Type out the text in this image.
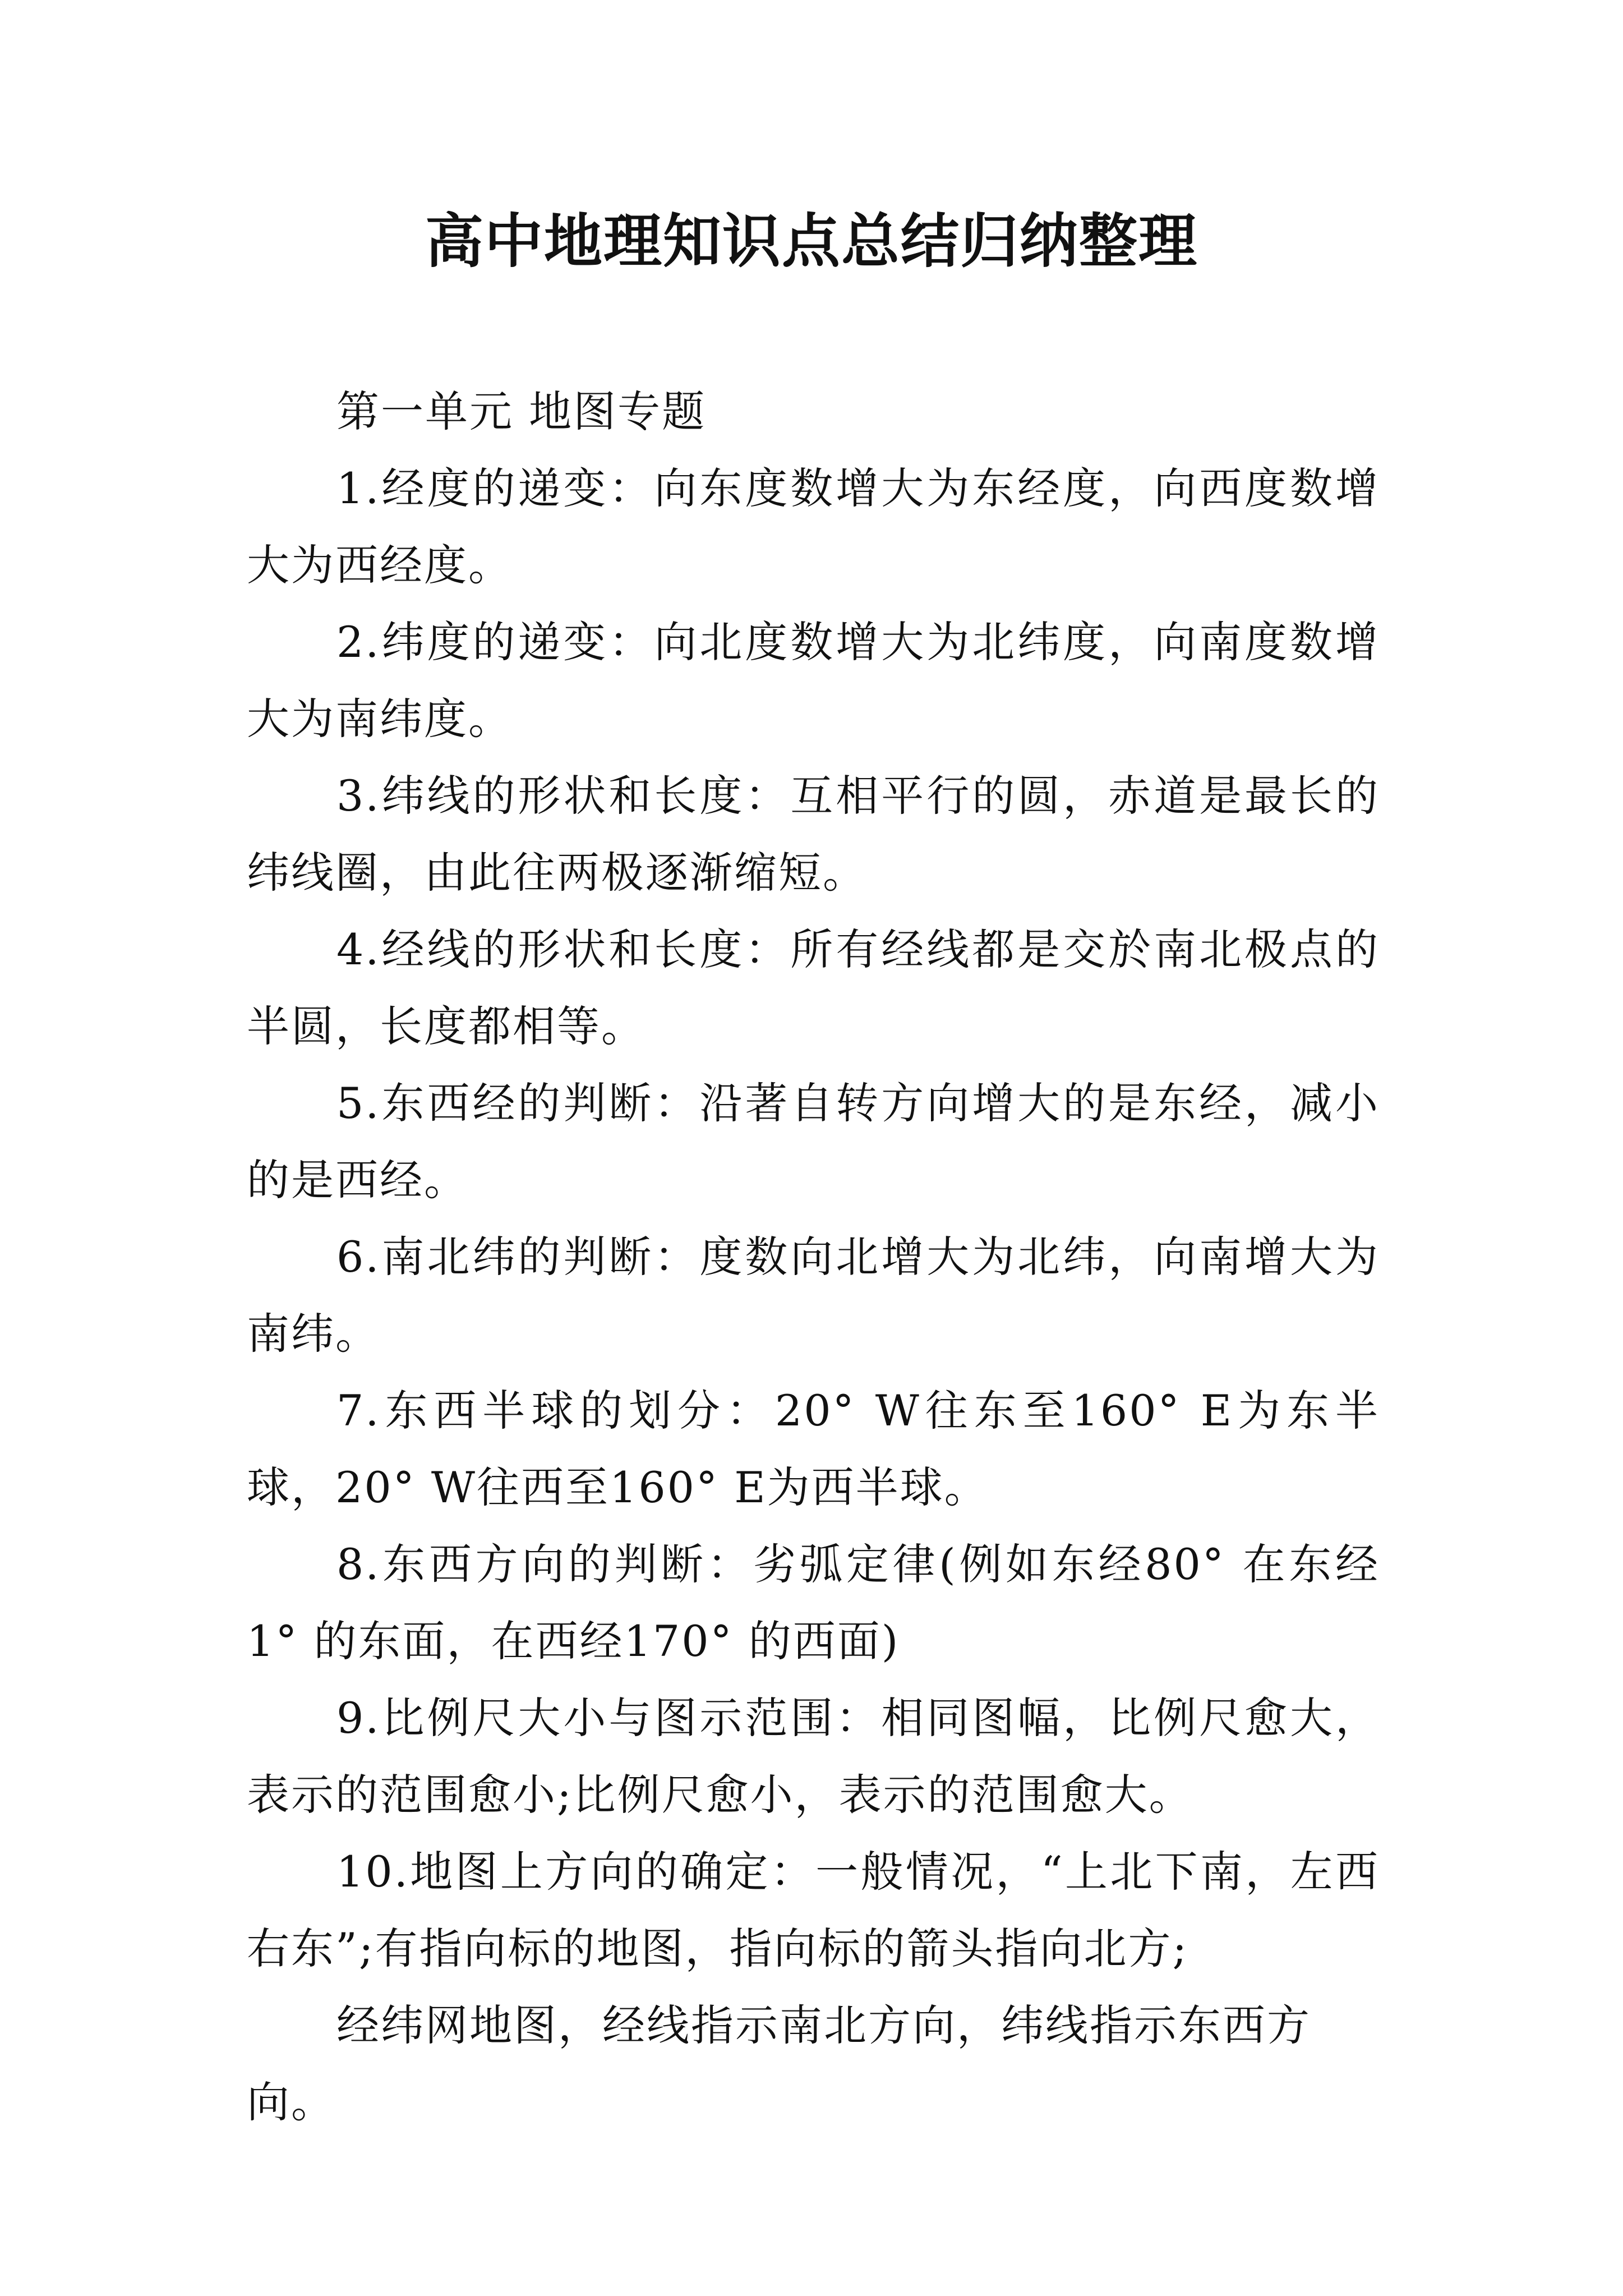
高中地理知识点总结归纳整理

第一单元 地图专题

1.经度的递变：向东度数增大为东经度，向西度数增大为西经度。

2.纬度的递变：向北度数增大为北纬度，向南度数增大为南纬度。

3.纬线的形状和长度：互相平行的圆，赤道是最长的纬线圈，由此往两极逐渐缩短。

4.经线的形状和长度：所有经线都是交於南北极点的半圆，长度都相等。

5.东西经的判断：沿著自转方向增大的是东经，减小的是西经。

6.南北纬的判断：度数向北增大为北纬，向南增大为南纬。

7.东西半球的划分：20° W往东至160° E为东半球，20° W往西至160° E为西半球。

8.东西方向的判断：劣弧定律(例如东经80° 在东经1° 的东面，在西经170° 的西面)

9.比例尺大小与图示范围：相同图幅，比例尺愈大，表示的范围愈小;比例尺愈小，表示的范围愈大。

10.地图上方向的确定：一般情况，“上北下南，左西右东”;有指向标的地图，指向标的箭头指向北方;

经纬网地图，经线指示南北方向，纬线指示东西方向。
